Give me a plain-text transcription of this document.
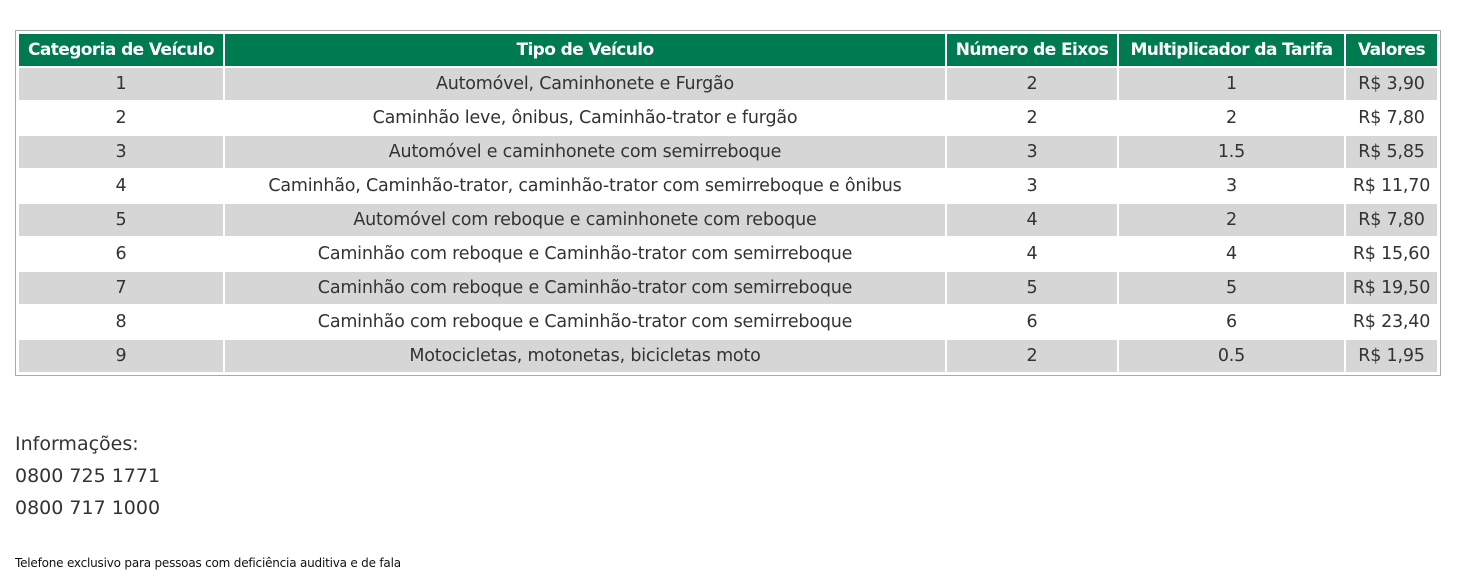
Categoria de Veículo	Tipo de Veículo	Número de Eixos	Multiplicador da Tarifa	Valores
1	Automóvel, Caminhonete e Furgão	2	1	R$ 3,90
2	Caminhão leve, ônibus, Caminhão-trator e furgão	2	2	R$ 7,80
3	Automóvel e caminhonete com semirreboque	3	1.5	R$ 5,85
4	Caminhão, Caminhão-trator, caminhão-trator com semirreboque e ônibus	3	3	R$ 11,70
5	Automóvel com reboque e caminhonete com reboque	4	2	R$ 7,80
6	Caminhão com reboque e Caminhão-trator com semirreboque	4	4	R$ 15,60
7	Caminhão com reboque e Caminhão-trator com semirreboque	5	5	R$ 19,50
8	Caminhão com reboque e Caminhão-trator com semirreboque	6	6	R$ 23,40
9	Motocicletas, motonetas, bicicletas moto	2	0.5	R$ 1,95
Informações:
0800 725 1771
0800 717 1000
Telefone exclusivo para pessoas com deficiência auditiva e de fala
